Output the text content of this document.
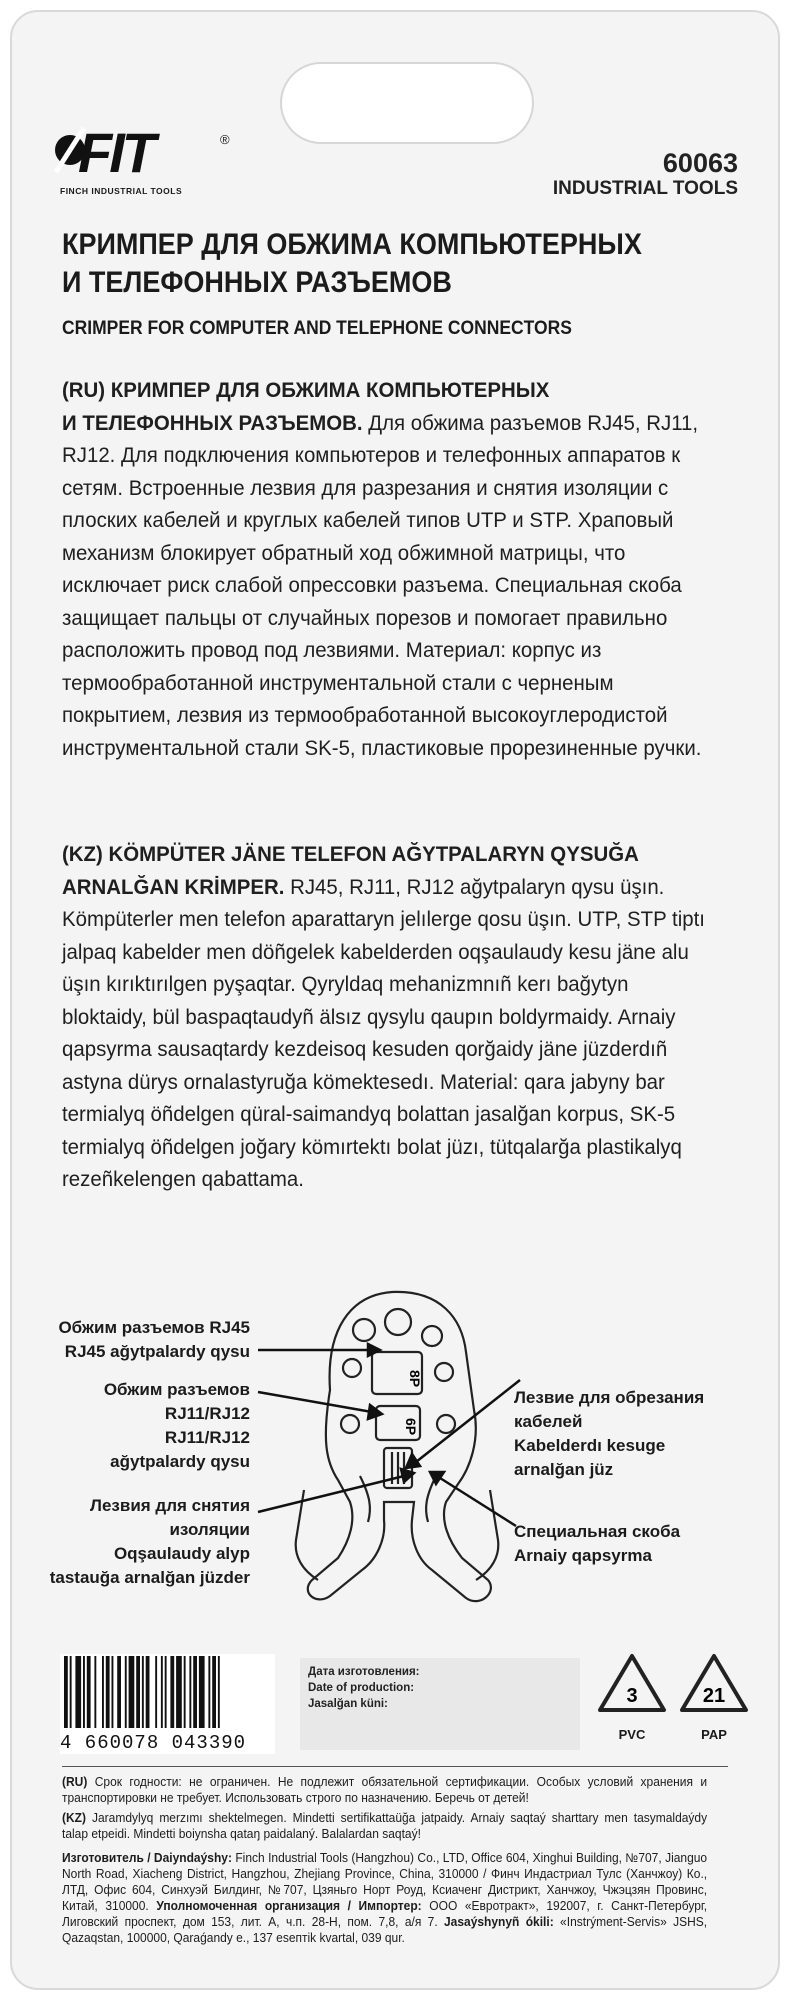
FIT	®
FINCH INDUSTRIAL TOOLS
60063
INDUSTRIAL TOOLS
КРИМПЕР ДЛЯ ОБЖИМА КОМПЬЮТЕРНЫХ
И ТЕЛЕФОННЫХ РАЗЪЕМОВ
CRIMPER FOR COMPUTER AND TELEPHONE CONNECTORS
(RU) КРИМПЕР ДЛЯ ОБЖИМА КОМПЬЮТЕРНЫХ
И ТЕЛЕФОННЫХ РАЗЪЕМОВ. Для обжима разъемов RJ45, RJ11, RJ12. Для подключения компьютеров и телефонных аппаратов к сетям. Встроенные лезвия для разрезания и снятия изоляции с плоских кабелей и круглых кабелей типов UTP и STP. Храповый механизм блокирует обратный ход обжимной матрицы, что исключает риск слабой опрессовки разъема. Специальная скоба защищает пальцы от случайных порезов и помогает правильно расположить провод под лезвиями. Материал: корпус из термообработанной инструментальной стали с черненым покрытием, лезвия из термообработанной высокоуглеродистой инструментальной стали SK-5, пластиковые прорезиненные ручки.
(KZ) KÖMPÜTER JÄNE TELEFON AĞYTPALARYN QYSUĞA
ARNALĞAN KRİMPER. RJ45, RJ11, RJ12 ağytpalaryn qysu üşın. Kömpüterler men telefon aparattaryn jelılerge qosu üşın. UTP, STP tiptı jalpaq kabelder men döñgelek kabelderden oqşaulaudy kesu jäne alu üşın kırıktırılgen pyşaqtar. Qyryldaq mehanizmnıñ kerı bağytyn bloktaidy, bül baspaqtaudyñ älsız qysylu qaupın boldyrmaidy. Arnaiy qapsyrma sausaqtardy kezdeisoq kesuden qorğaidy jäne jüzderdıñ astyna dürys ornalastyruğa kömektesedı. Material: qara jabyny bar termialyq öñdelgen qüral-saimandyq bolattan jasalğan korpus, SK-5 termialyq öñdelgen joğary kömırtektı bolat jüzı, tütqalarğa plastikalyq rezeñkelengen qabattama.
8P
6P
Обжим разъемов RJ45
RJ45 ağytpalardy qysu
Обжим разъемов
RJ11/RJ12
RJ11/RJ12
ağytpalardy qysu
Лезвия для снятия
изоляции
Oqşaulaudy alyp
tastauğa arnalğan jüzder
Лезвие для обрезания
кабелей
Kabelderdı kesuge
arnalğan jüz
Специальная скоба
Arnaiy qapsyrma
4 660078 043390
Дата изготовления:
Date of production:
Jasalğan küni:	3
PVC
21
PAP
(RU) Срок годности: не ограничен. Не подлежит обязательной сертификации. Особых условий хранения и транспортировки не требует. Использовать строго по назначению. Беречь от детей!
(KZ) Jaramdylyq merzımı shektelmegen. Mindetti sertifikattaüğa jatpaidy. Arnaiy saqtaý sharttary men tasymaldaýdy talap etpeidi. Mindetti boiynsha qataŋ paidalaný. Balalardan saqtaý!
Изготовитель / Daiyndaýshy: Finch Industrial Tools (Hangzhou) Co., LTD, Office 604, Xinghui Building, №707, Jianguo North Road, Xiacheng District, Hangzhou, Zhejiang Province, China, 310000 / Финч Индастриал Тулс (Ханчжоу) Ко., ЛТД, Офис 604, Синхуэй Билдинг, №707, Цзяньго Норт Роуд, Ксиаченг Дистрикт, Ханчжоу, Чжэцзян Провинс, Китай, 310000. Уполномоченная организация / Импортер: ООО «Евротракт», 192007, г. Санкт-Петербург, Лиговский проспект, дом 153, лит. А, ч.п. 28-Н, пом. 7,8, а/я 7. Jasaýshynyñ ókili: «Instrýment-Servis» JSHS, Qazaqstan, 100000, Qaraǵandy e., 137 esептik kvartal, 039 qur.
